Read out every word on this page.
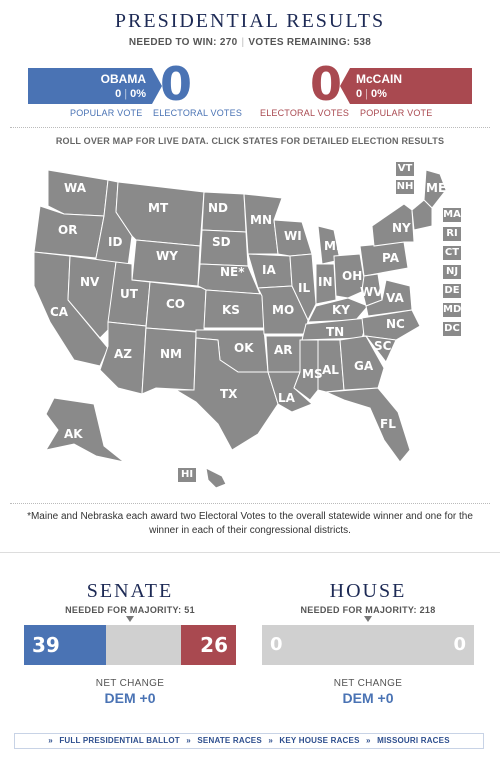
PRESIDENTIAL RESULTS
NEEDED TO WIN: 270 | VOTES REMAINING: 538
OBAMA
0 | 0% 0
POPULAR VOTE ELECTORAL VOTES
0 McCAIN
0 | 0%
ELECTORAL VOTES POPULAR VOTE
ROLL OVER MAP FOR LIVE DATA. CLICK STATES FOR DETAILED ELECTION RESULTS
WA
OR
CA
ID
NV
MT
WY
UT
AZ
CO
NM
ND
SD
NE*
KS
OK
TX
MN
IA
MO
AR
LA
WI
IL
MS
MI
IN
KY
TN
AL
OH
GA
FL
PA
WV VA
NC
SC
NY
ME
AK
VT
NH
MA
RI
CT
NJ
DE
MD
DC
HI
*Maine and Nebraska each award two Electoral Votes to the overall statewide winner and one for the winner in each of their congressional districts.
SENATE
NEEDED FOR MAJORITY: 51
39	26
NET CHANGE
DEM +0
HOUSE
NEEDED FOR MAJORITY: 218
0	0
NET CHANGE
DEM +0
» FULL PRESIDENTIAL BALLOT » SENATE RACES » KEY HOUSE RACES » MISSOURI RACES
